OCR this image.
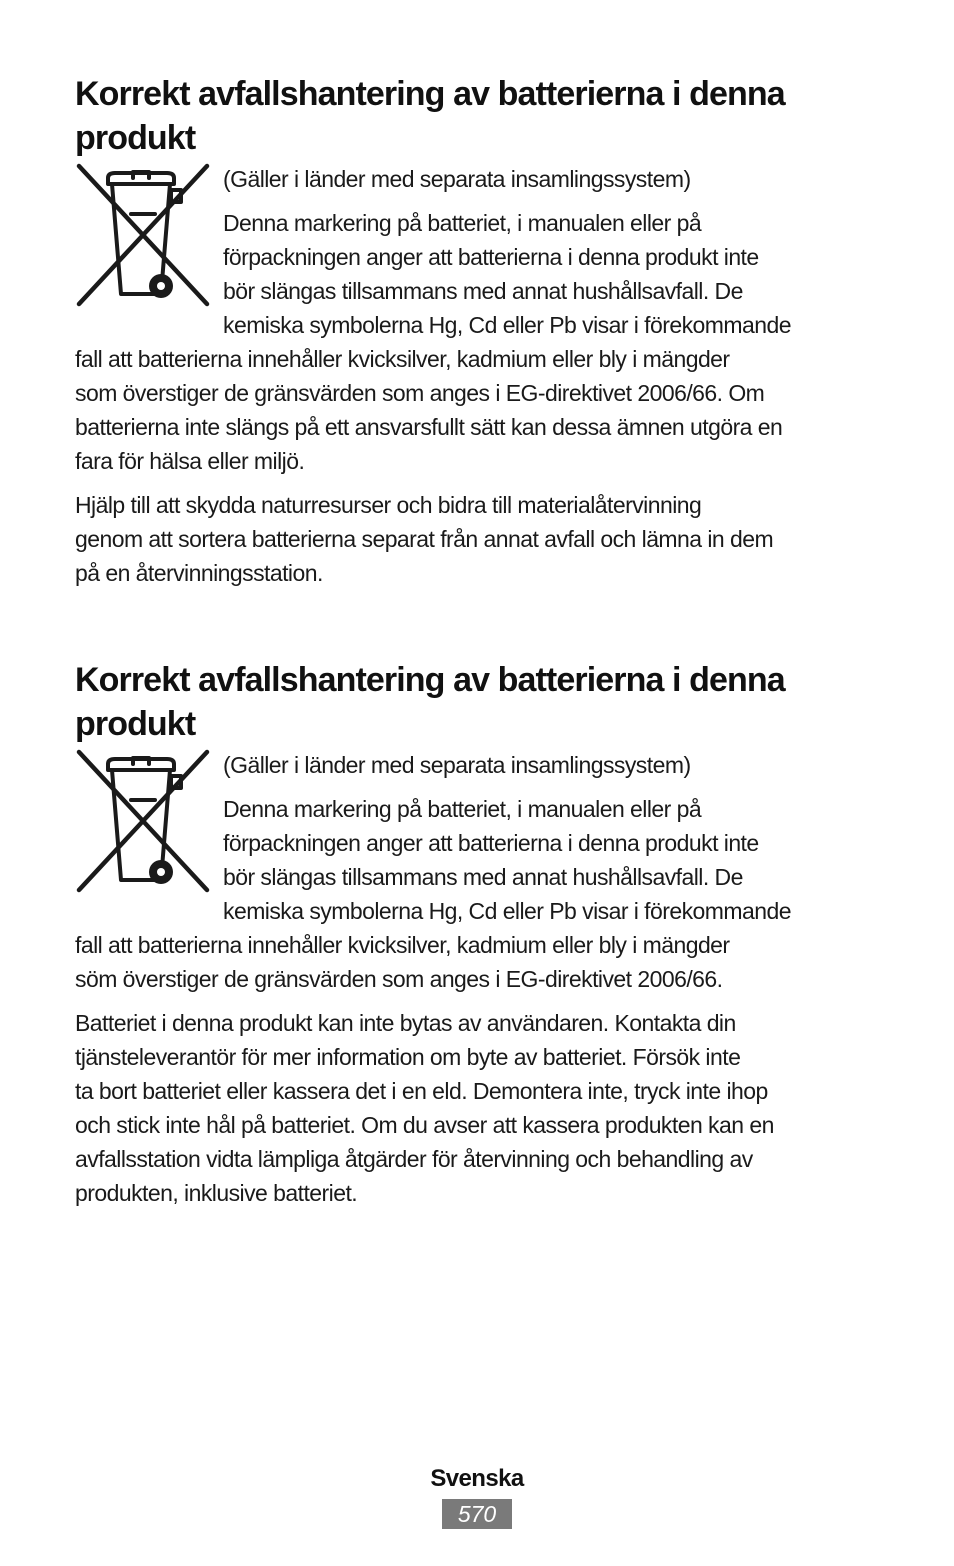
Korrekt avfallshantering av batterierna i denna
produkt

(Gäller i länder med separata insamlingssystem)

Denna markering på batteriet, i manualen eller på
förpackningen anger att batterierna i denna produkt inte
bör slängas tillsammans med annat hushållsavfall. De
kemiska symbolerna Hg, Cd eller Pb visar i förekommande
fall att batterierna innehåller kvicksilver, kadmium eller bly i mängder
som överstiger de gränsvärden som anges i EG-direktivet 2006/66. Om
batterierna inte slängs på ett ansvarsfullt sätt kan dessa ämnen utgöra en
fara för hälsa eller miljö.
Hjälp till att skydda naturresurser och bidra till materialåtervinning
genom att sortera batterierna separat från annat avfall och lämna in dem
på en återvinningsstation.
Korrekt avfallshantering av batterierna i denna
produkt

(Gäller i länder med separata insamlingssystem)

Denna markering på batteriet, i manualen eller på
förpackningen anger att batterierna i denna produkt inte
bör slängas tillsammans med annat hushållsavfall. De
kemiska symbolerna Hg, Cd eller Pb visar i förekommande
fall att batterierna innehåller kvicksilver, kadmium eller bly i mängder
söm överstiger de gränsvärden som anges i EG-direktivet 2006/66.
Batteriet i denna produkt kan inte bytas av användaren. Kontakta din
tjänsteleverantör för mer information om byte av batteriet. Försök inte
ta bort batteriet eller kassera det i en eld. Demontera inte, tryck inte ihop
och stick inte hål på batteriet. Om du avser att kassera produkten kan en
avfallsstation vidta lämpliga åtgärder för återvinning och behandling av
produkten, inklusive batteriet.
Svenska
570
